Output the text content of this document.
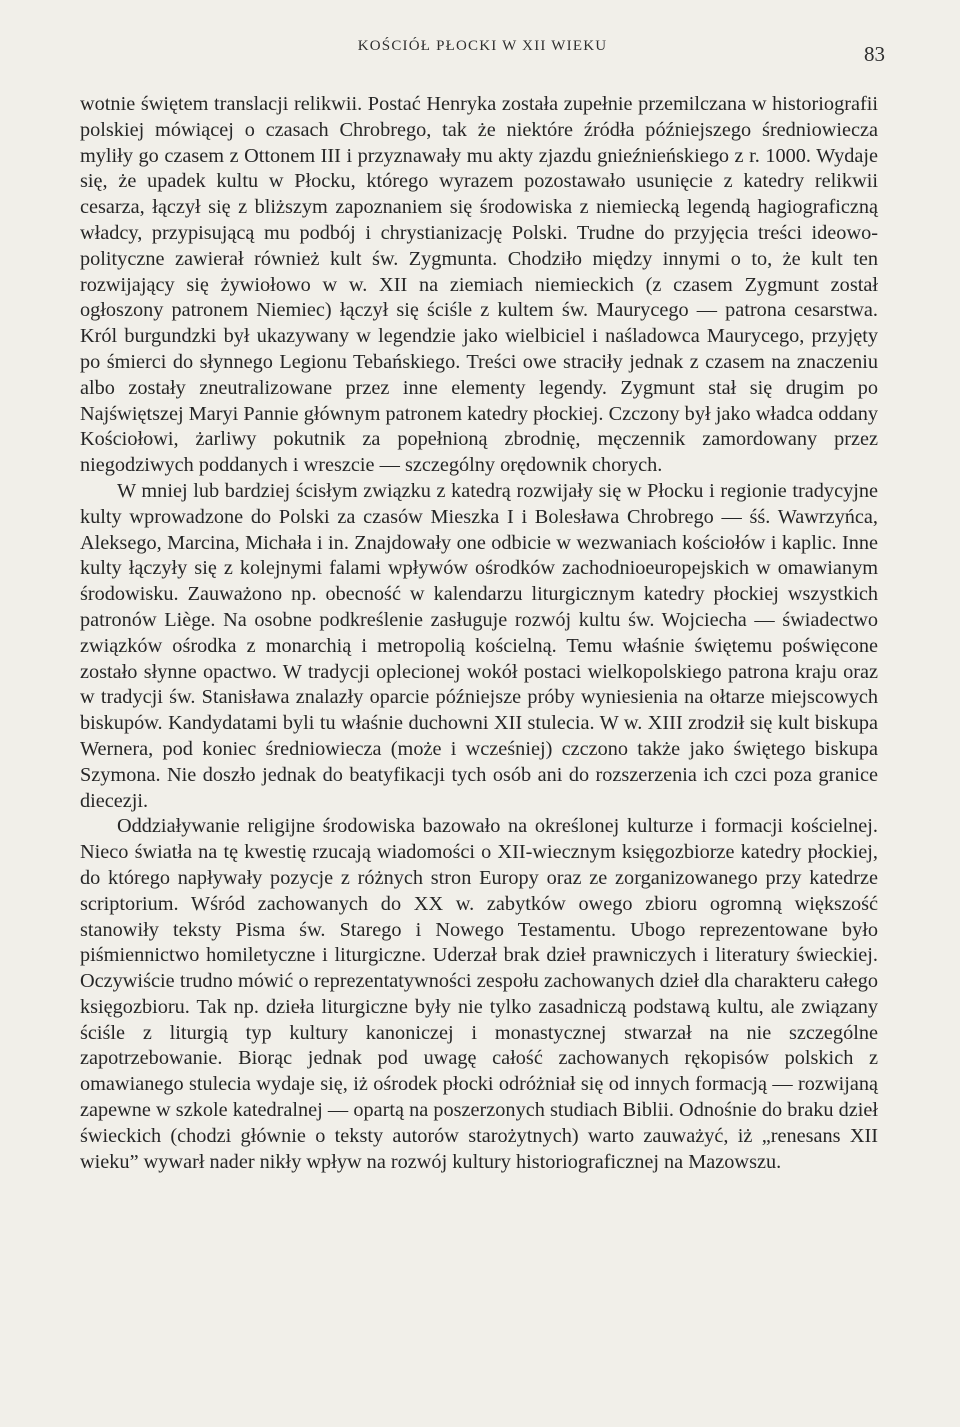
KOŚCIÓŁ PŁOCKI W XII WIEKU	83

wotnie świętem translacji relikwii. Postać Henryka została zupełnie przemilczana w historiografii polskiej mówiącej o czasach Chrobrego, tak że niektóre źródła późniejszego średniowiecza myliły go czasem z Ottonem III i przyznawały mu akty zjazdu gnieźnieńskiego z r. 1000. Wydaje się, że upadek kultu w Płocku, którego wyrazem pozostawało usunięcie z katedry relikwii cesarza, łączył się z bliższym zapoznaniem się środowiska z niemiecką legendą hagiograficzną władcy, przypisującą mu podbój i chrystianizację Polski. Trudne do przyjęcia treści ideowo-polityczne zawierał również kult św. Zygmunta. Chodziło między innymi o to, że kult ten rozwijający się żywiołowo w w. XII na ziemiach niemieckich (z czasem Zygmunt został ogłoszony patronem Niemiec) łączył się ściśle z kultem św. Maurycego — patrona cesarstwa. Król burgundzki był ukazywany w legendzie jako wielbiciel i naśladowca Maurycego, przyjęty po śmierci do słynnego Legionu Tebańskiego. Treści owe straciły jednak z czasem na znaczeniu albo zostały zneutralizowane przez inne elementy legendy. Zygmunt stał się drugim po Najświętszej Maryi Pannie głównym patronem katedry płockiej. Czczony był jako władca oddany Kościołowi, żarliwy pokutnik za popełnioną zbrodnię, męczennik zamordowany przez niegodziwych poddanych i wreszcie — szczególny orędownik chorych.

W mniej lub bardziej ścisłym związku z katedrą rozwijały się w Płocku i regionie tradycyjne kulty wprowadzone do Polski za czasów Mieszka I i Bolesława Chrobrego — śś. Wawrzyńca, Aleksego, Marcina, Michała i in. Znajdowały one odbicie w wezwaniach kościołów i kaplic. Inne kulty łączyły się z kolejnymi falami wpływów ośrodków zachodnioeuropejskich w omawianym środowisku. Zauważono np. obecność w kalendarzu liturgicznym katedry płockiej wszystkich patronów Liège. Na osobne podkreślenie zasługuje rozwój kultu św. Wojciecha — świadectwo związków ośrodka z monarchią i metropolią kościelną. Temu właśnie świętemu poświęcone zostało słynne opactwo. W tradycji oplecionej wokół postaci wielkopolskiego patrona kraju oraz w tradycji św. Stanisława znalazły oparcie późniejsze próby wyniesienia na ołtarze miejscowych biskupów. Kandydatami byli tu właśnie duchowni XII stulecia. W w. XIII zrodził się kult biskupa Wernera, pod koniec średniowiecza (może i wcześniej) czczono także jako świętego biskupa Szymona. Nie doszło jednak do beatyfikacji tych osób ani do rozszerzenia ich czci poza granice diecezji.

Oddziaływanie religijne środowiska bazowało na określonej kulturze i formacji kościelnej. Nieco światła na tę kwestię rzucają wiadomości o XII-wiecznym księgozbiorze katedry płockiej, do którego napływały pozycje z różnych stron Europy oraz ze zorganizowanego przy katedrze scriptorium. Wśród zachowanych do XX w. zabytków owego zbioru ogromną większość stanowiły teksty Pisma św. Starego i Nowego Testamentu. Ubogo reprezentowane było piśmiennictwo homiletyczne i liturgiczne. Uderzał brak dzieł prawniczych i literatury świeckiej. Oczywiście trudno mówić o reprezentatywności zespołu zachowanych dzieł dla charakteru całego księgozbioru. Tak np. dzieła liturgiczne były nie tylko zasadniczą podstawą kultu, ale związany ściśle z liturgią typ kultury kanoniczej i monastycznej stwarzał na nie szczególne zapotrzebowanie. Biorąc jednak pod uwagę całość zachowanych rękopisów polskich z omawianego stulecia wydaje się, iż ośrodek płocki odróżniał się od innych formacją — rozwijaną zapewne w szkole katedralnej — opartą na poszerzonych studiach Biblii. Odnośnie do braku dzieł świeckich (chodzi głównie o teksty autorów starożytnych) warto zauważyć, iż „renesans XII wieku” wywarł nader nikły wpływ na rozwój kultury historiograficznej na Mazowszu.
